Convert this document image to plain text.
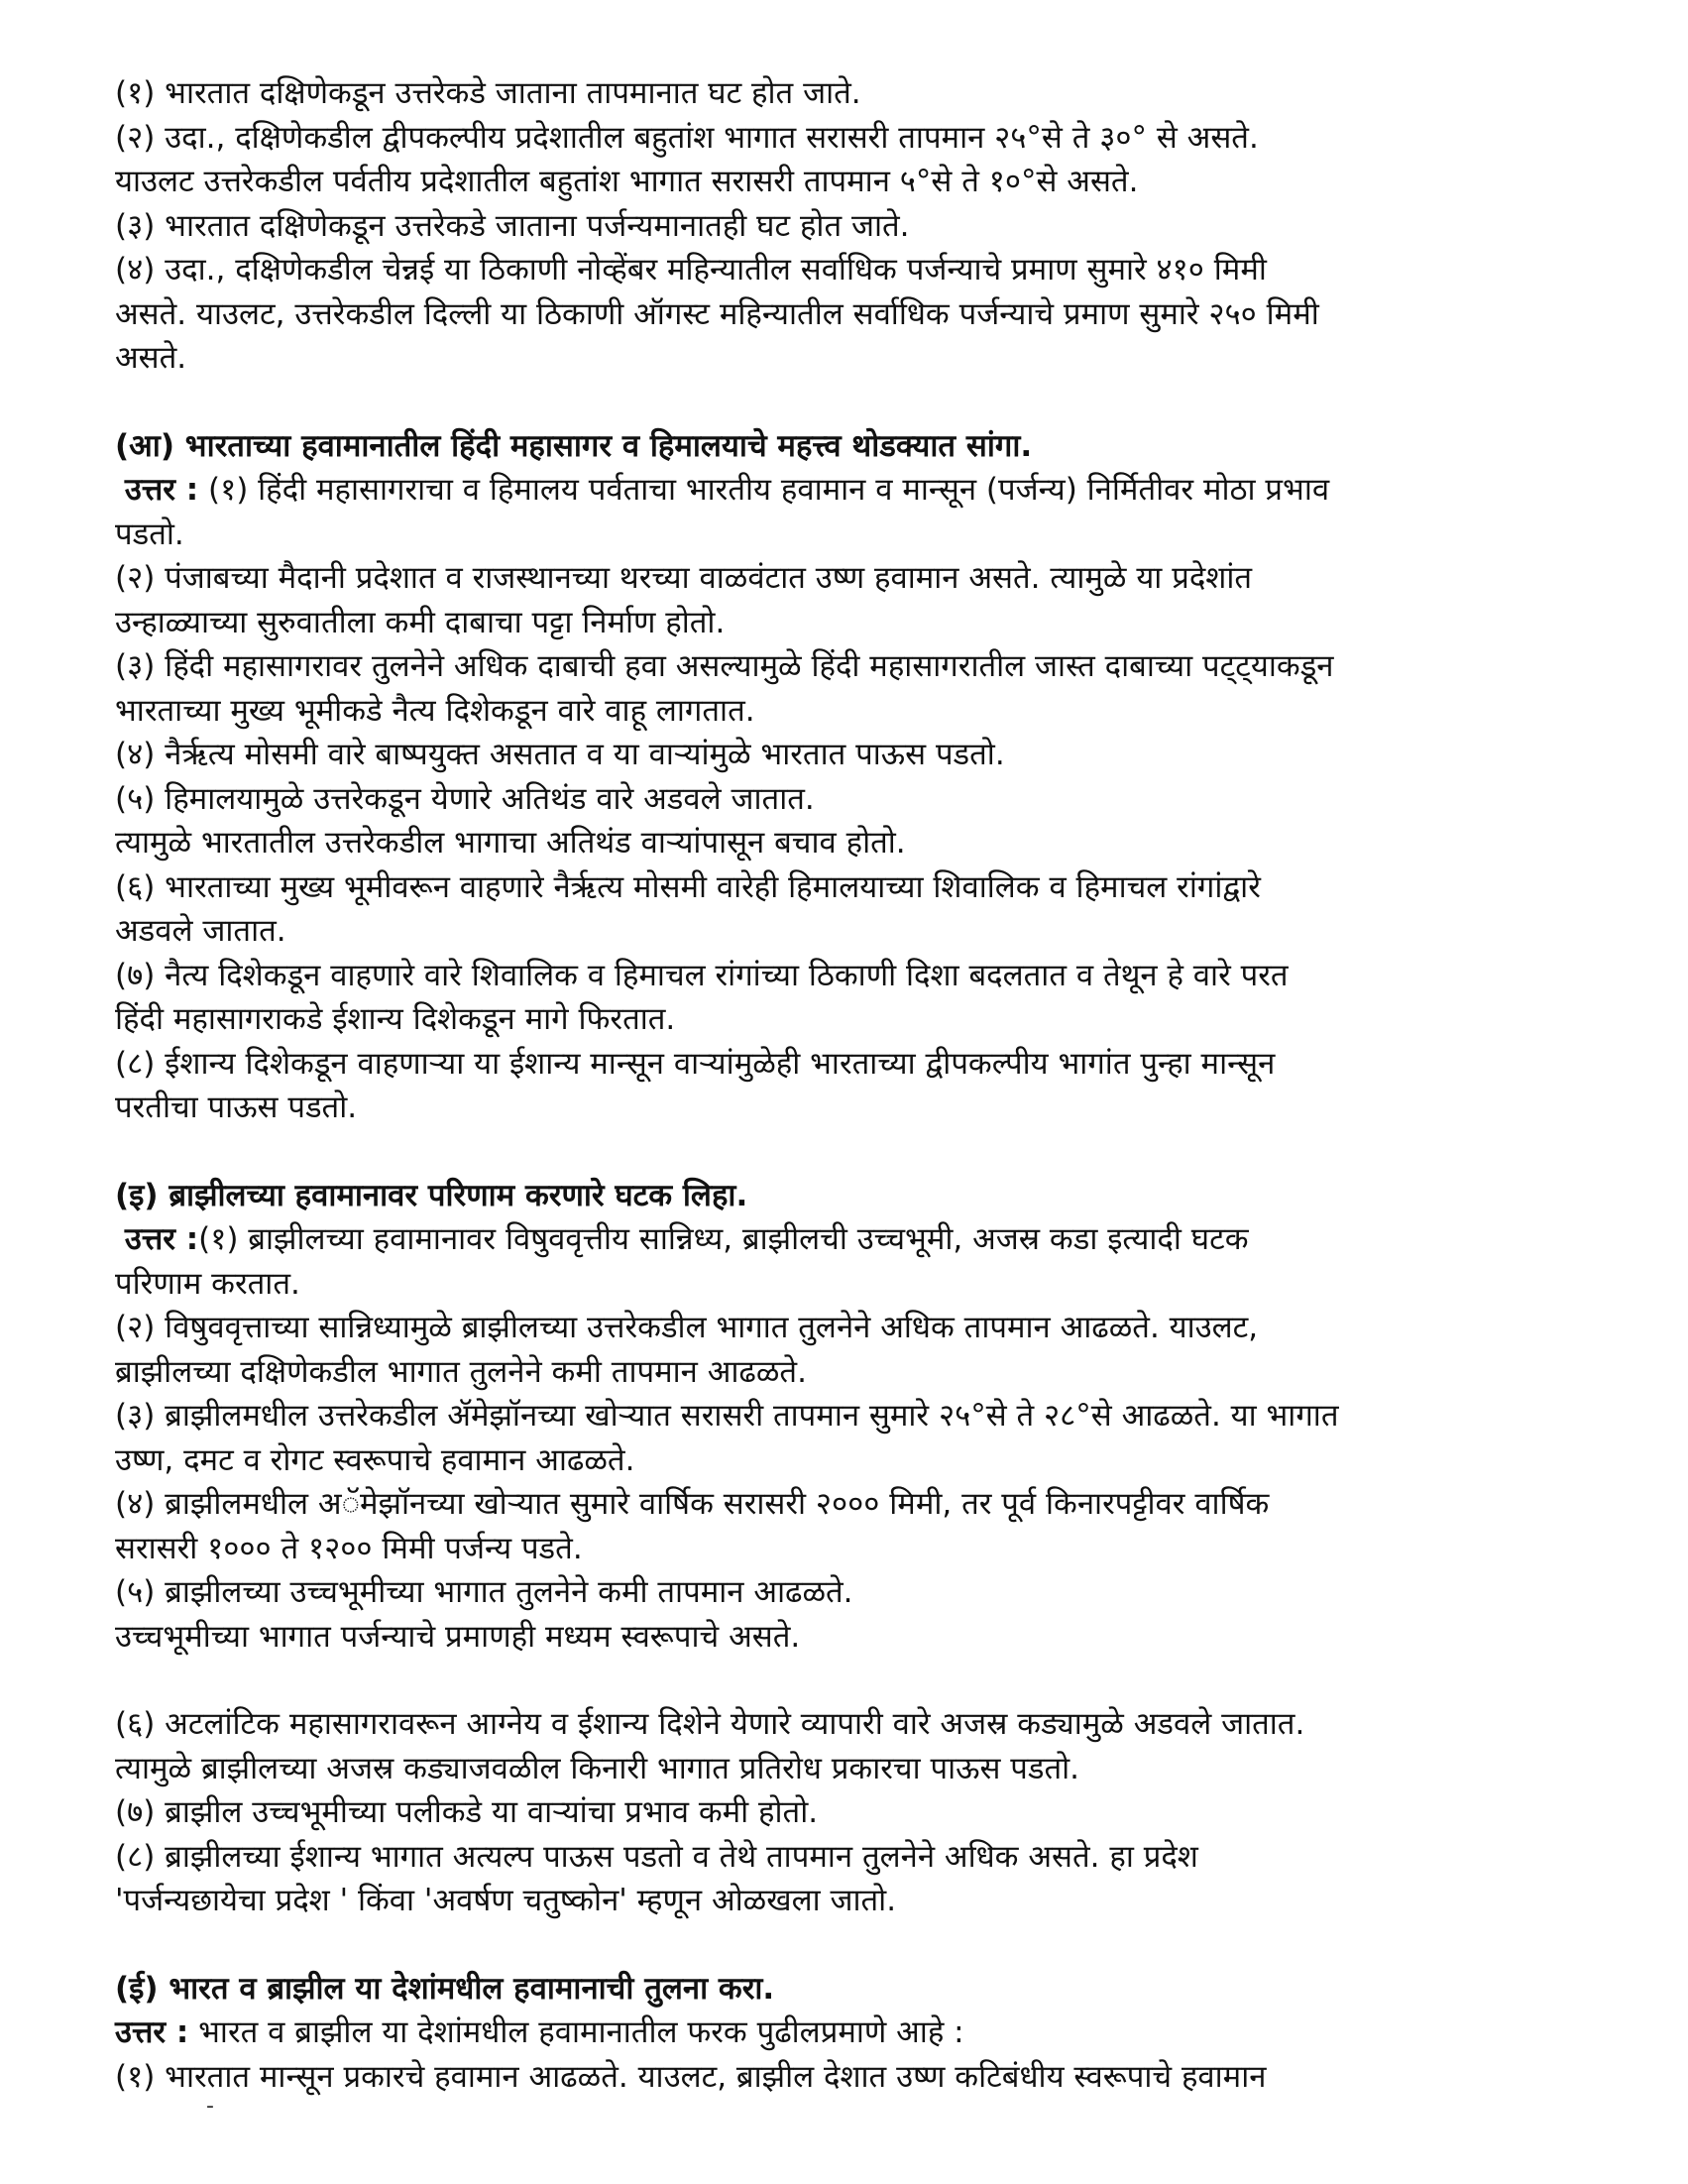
(१) भारतात दक्षिणेकडून उत्तरेकडे जाताना तापमानात घट होत जाते.

(२) उदा., दक्षिणेकडील द्वीपकल्पीय प्रदेशातील बहुतांश भागात सरासरी तापमान २५°से ते ३०° से असते.

याउलट उत्तरेकडील पर्वतीय प्रदेशातील बहुतांश भागात सरासरी तापमान ५°से ते १०°से असते.

(३) भारतात दक्षिणेकडून उत्तरेकडे जाताना पर्जन्यमानातही घट होत जाते.

(४) उदा., दक्षिणेकडील चेन्नई या ठिकाणी नोव्हेंबर महिन्यातील सर्वाधिक पर्जन्याचे प्रमाण सुमारे ४१० मिमी

असते. याउलट, उत्तरेकडील दिल्ली या ठिकाणी ऑगस्ट महिन्यातील सर्वाधिक पर्जन्याचे प्रमाण सुमारे २५० मिमी

असते.

(आ) भारताच्या हवामानातील हिंदी महासागर व हिमालयाचे महत्त्व थोडक्यात सांगा.

उत्तर : (१) हिंदी महासागराचा व हिमालय पर्वताचा भारतीय हवामान व मान्सून (पर्जन्य) निर्मितीवर मोठा प्रभाव

पडतो.

(२) पंजाबच्या मैदानी प्रदेशात व राजस्थानच्या थरच्या वाळवंटात उष्ण हवामान असते. त्यामुळे या प्रदेशांत

उन्हाळ्याच्या सुरुवातीला कमी दाबाचा पट्टा निर्माण होतो.

(३) हिंदी महासागरावर तुलनेने अधिक दाबाची हवा असल्यामुळे हिंदी महासागरातील जास्त दाबाच्या पट्ट्याकडून

भारताच्या मुख्य भूमीकडे नैत्य दिशेकडून वारे वाहू लागतात.

(४) नैर्ऋत्य मोसमी वारे बाष्पयुक्त असतात व या वाऱ्यांमुळे भारतात पाऊस पडतो.

(५) हिमालयामुळे उत्तरेकडून येणारे अतिथंड वारे अडवले जातात.

त्यामुळे भारतातील उत्तरेकडील भागाचा अतिथंड वाऱ्यांपासून बचाव होतो.

(६) भारताच्या मुख्य भूमीवरून वाहणारे नैर्ऋत्य मोसमी वारेही हिमालयाच्या शिवालिक व हिमाचल रांगांद्वारे

अडवले जातात.

(७) नैत्य दिशेकडून वाहणारे वारे शिवालिक व हिमाचल रांगांच्या ठिकाणी दिशा बदलतात व तेथून हे वारे परत

हिंदी महासागराकडे ईशान्य दिशेकडून मागे फिरतात.

(८) ईशान्य दिशेकडून वाहणाऱ्या या ईशान्य मान्सून वाऱ्यांमुळेही भारताच्या द्वीपकल्पीय भागांत पुन्हा मान्सून

परतीचा पाऊस पडतो.

(इ) ब्राझीलच्या हवामानावर परिणाम करणारे घटक लिहा.

उत्तर :(१) ब्राझीलच्या हवामानावर विषुववृत्तीय सान्निध्य, ब्राझीलची उच्चभूमी, अजस्र कडा इत्यादी घटक

परिणाम करतात.

(२) विषुववृत्ताच्या सान्निध्यामुळे ब्राझीलच्या उत्तरेकडील भागात तुलनेने अधिक तापमान आढळते. याउलट,

ब्राझीलच्या दक्षिणेकडील भागात तुलनेने कमी तापमान आढळते.

(३) ब्राझीलमधील उत्तरेकडील ॲमेझॉनच्या खोऱ्यात सरासरी तापमान सुमारे २५°से ते २८°से आढळते. या भागात

उष्ण, दमट व रोगट स्वरूपाचे हवामान आढळते.

(४) ब्राझीलमधील अॅमेझॉनच्या खोऱ्यात सुमारे वार्षिक सरासरी २००० मिमी, तर पूर्व किनारपट्टीवर वार्षिक

सरासरी १००० ते १२०० मिमी पर्जन्य पडते.

(५) ब्राझीलच्या उच्चभूमीच्या भागात तुलनेने कमी तापमान आढळते.

उच्चभूमीच्या भागात पर्जन्याचे प्रमाणही मध्यम स्वरूपाचे असते.

(६) अटलांटिक महासागरावरून आग्नेय व ईशान्य दिशेने येणारे व्यापारी वारे अजस्र कड्यामुळे अडवले जातात.

त्यामुळे ब्राझीलच्या अजस्र कड्याजवळील किनारी भागात प्रतिरोध प्रकारचा पाऊस पडतो.

(७) ब्राझील उच्चभूमीच्या पलीकडे या वाऱ्यांचा प्रभाव कमी होतो.

(८) ब्राझीलच्या ईशान्य भागात अत्यल्प पाऊस पडतो व तेथे तापमान तुलनेने अधिक असते. हा प्रदेश

'पर्जन्यछायेचा प्रदेश ' किंवा 'अवर्षण चतुष्कोन' म्हणून ओळखला जातो.

(ई) भारत व ब्राझील या देशांमधील हवामानाची तुलना करा.

उत्तर : भारत व ब्राझील या देशांमधील हवामानातील फरक पुढीलप्रमाणे आहे :

(१) भारतात मान्सून प्रकारचे हवामान आढळते. याउलट, ब्राझील देशात उष्ण कटिबंधीय स्वरूपाचे हवामान

-
